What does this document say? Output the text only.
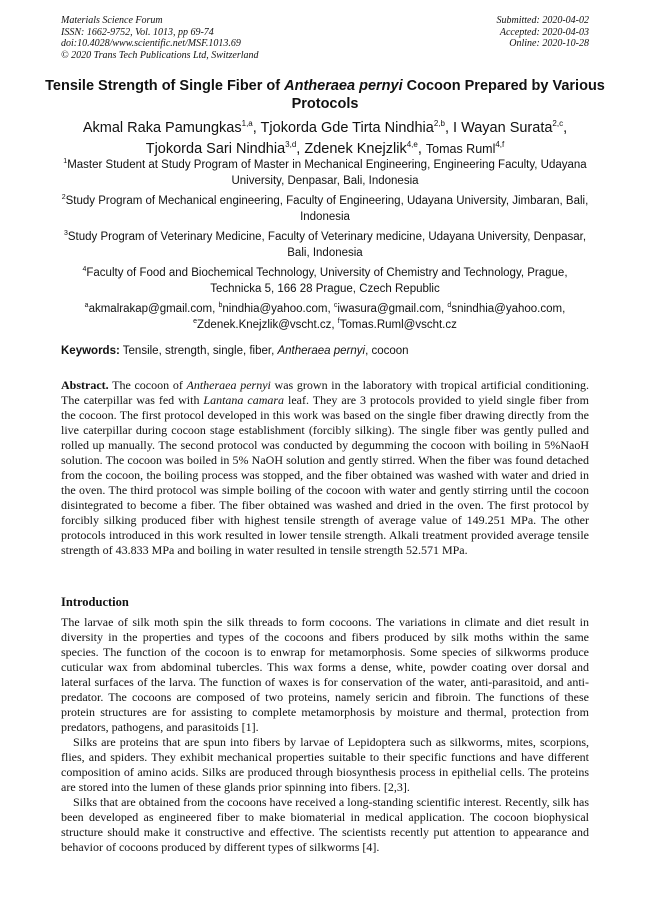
Materials Science Forum
ISSN: 1662-9752, Vol. 1013, pp 69-74
doi:10.4028/www.scientific.net/MSF.1013.69
© 2020 Trans Tech Publications Ltd, Switzerland
Submitted: 2020-04-02
Accepted: 2020-04-03
Online: 2020-10-28
Tensile Strength of Single Fiber of Antheraea pernyi Cocoon Prepared by Various Protocols
Akmal Raka Pamungkas$^{1,a}$, Tjokorda Gde Tirta Nindhia$^{2,b}$, I Wayan Surata$^{2,c}$,
Tjokorda Sari Nindhia$^{3,d}$, Zdenek Knejzlik$^{4,e}$, Tomas Ruml$^{4,f}$

$^1$Master Student at Study Program of Master in Mechanical Engineering, Engineering Faculty, Udayana University, Denpasar, Bali, Indonesia

$^2$Study Program of Mechanical engineering, Faculty of Engineering, Udayana University, Jimbaran, Bali, Indonesia

$^3$Study Program of Veterinary Medicine, Faculty of Veterinary medicine, Udayana University, Denpasar, Bali, Indonesia

$^4$Faculty of Food and Biochemical Technology, University of Chemistry and Technology, Prague, Technicka 5, 166 28 Prague, Czech Republic

$^a$akmalrakap@gmail.com, $^b$nindhia@yahoo.com, $^c$iwasura@gmail.com, $^d$snindhia@yahoo.com,
$^e$Zdenek.Knejzlik@vscht.cz, $^f$Tomas.Ruml@vscht.cz

Keywords: Tensile, strength, single, fiber, Antheraea pernyi, cocoon

Abstract. The cocoon of Antheraea pernyi was grown in the laboratory with tropical artificial conditioning. The caterpillar was fed with Lantana camara leaf. They are 3 protocols provided to yield single fiber from the cocoon. The first protocol developed in this work was based on the single fiber drawing directly from the live caterpillar during cocoon stage establishment (forcibly silking). The single fiber was gently pulled and rolled up manually. The second protocol was conducted by degumming the cocoon with boiling in 5%NaoH solution. The cocoon was boiled in 5% NaOH solution and gently stirred. When the fiber was found detached from the cocoon, the boiling process was stopped, and the fiber obtained was washed with water and dried in the oven. The third protocol was simple boiling of the cocoon with water and gently stirring until the cocoon disintegrated to become a fiber. The fiber obtained was washed and dried in the oven. The first protocol by forcibly silking produced fiber with highest tensile strength of average value of 149.251 MPa. The other protocols introduced in this work resulted in lower tensile strength. Alkali treatment provided average tensile strength of 43.833 MPa and boiling in water resulted in tensile strength 52.571 MPa.

Introduction

The larvae of silk moth spin the silk threads to form cocoons. The variations in climate and diet result in diversity in the properties and types of the cocoons and fibers produced by silk moths within the same species. The function of the cocoon is to enwrap for metamorphosis. Some species of silkworms produce cuticular wax from abdominal tubercles. This wax forms a dense, white, powder coating over dorsal and lateral surfaces of the larva. The function of waxes is for conservation of the water, anti-parasitoid, and anti-predator. The cocoons are composed of two proteins, namely sericin and fibroin. The functions of these protein structures are for assisting to complete metamorphosis by moisture and thermal, protection from predators, pathogens, and parasitoids [1].

Silks are proteins that are spun into fibers by larvae of Lepidoptera such as silkworms, mites, scorpions, flies, and spiders. They exhibit mechanical properties suitable to their specific functions and have different composition of amino acids. Silks are produced through biosynthesis process in epithelial cells. The proteins are stored into the lumen of these glands prior spinning into fibers. [2,3].

Silks that are obtained from the cocoons have received a long-standing scientific interest. Recently, silk has been developed as engineered fiber to make biomaterial in medical application. The cocoon biophysical structure should make it constructive and effective. The scientists recently put attention to appearance and behavior of cocoons produced by different types of silkworms [4].
